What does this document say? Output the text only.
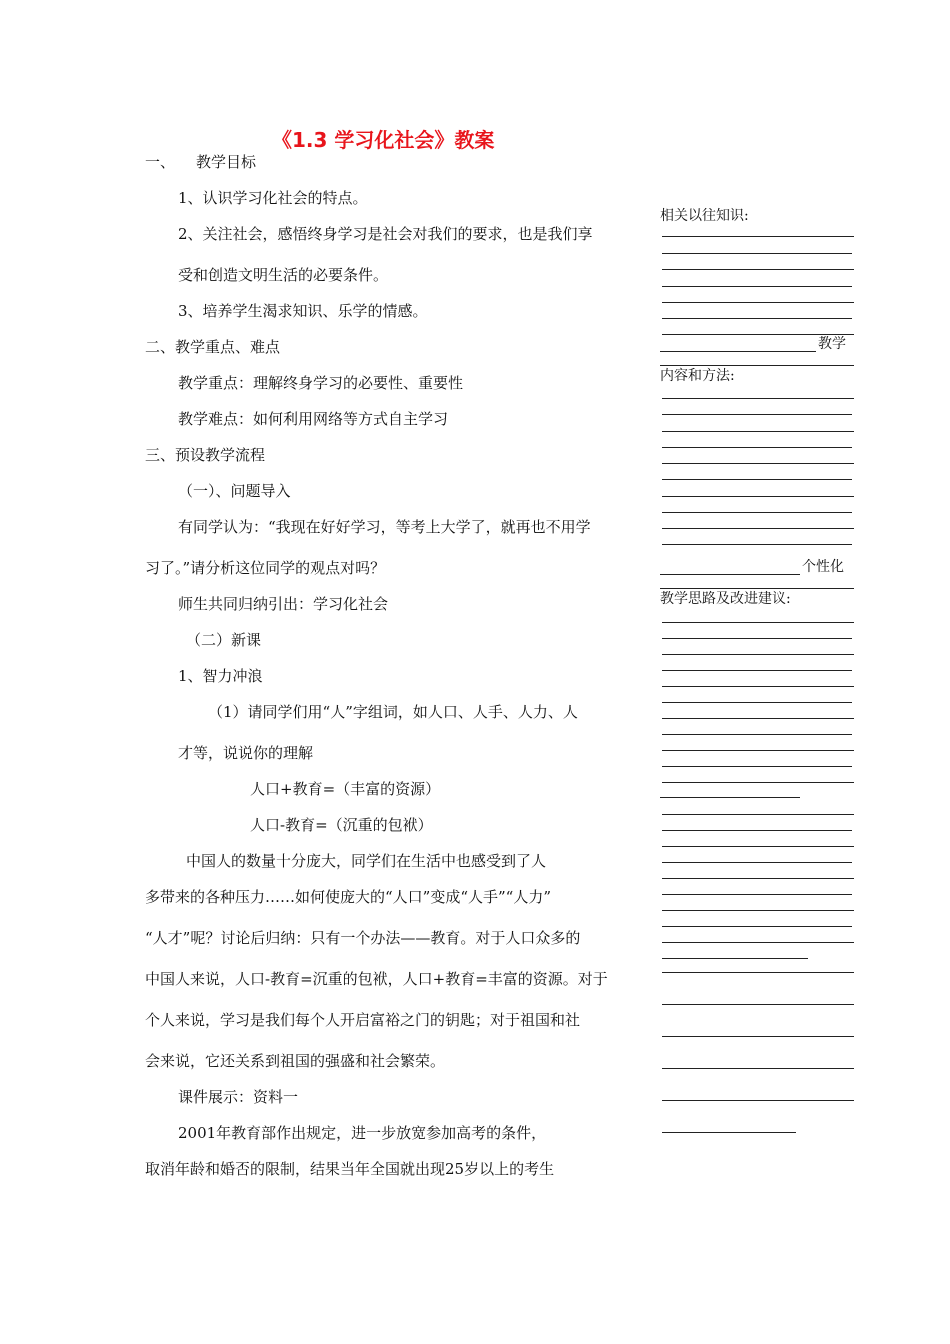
《1.3 学习化社会》教案
一、 教学目标
1、认识学习化社会的特点。
2、关注社会，感悟终身学习是社会对我们的要求，也是我们享
受和创造文明生活的必要条件。
3、培养学生渴求知识、乐学的情感。
二、教学重点、难点
教学重点：理解终身学习的必要性、重要性
教学难点：如何利用网络等方式自主学习
三、预设教学流程
（一）、问题导入
有同学认为：“我现在好好学习，等考上大学了，就再也不用学
习了。”请分析这位同学的观点对吗？
师生共同归纳引出：学习化社会
（二）新课
1、智力冲浪
（1）请同学们用“人”字组词，如人口、人手、人力、人
才等，说说你的理解
人口+教育=（丰富的资源）
人口-教育=（沉重的包袱）
中国人的数量十分庞大，同学们在生活中也感受到了人
多带来的各种压力……如何使庞大的“人口”变成“人手”“人力”
“人才”呢？讨论后归纳：只有一个办法——教育。对于人口众多的
中国人来说，人口-教育=沉重的包袱，人口+教育=丰富的资源。对于
个人来说，学习是我们每个人开启富裕之门的钥匙；对于祖国和社
会来说，它还关系到祖国的强盛和社会繁荣。
课件展示：资料一
2001年教育部作出规定，进一步放宽参加高考的条件，
取消年龄和婚否的限制，结果当年全国就出现25岁以上的考生
相关以往知识:
教学
内容和方法:
个性化
教学思路及改进建议:
